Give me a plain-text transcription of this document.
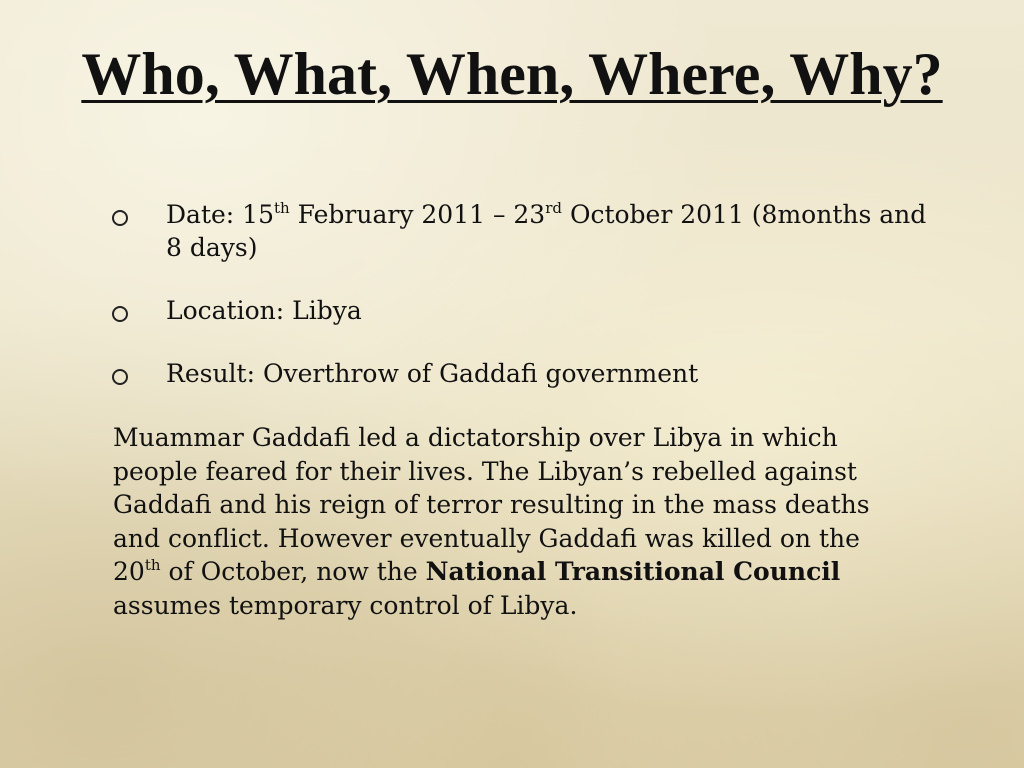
Who, What, When, Where, Why?
Date: 15th February 2011 – 23rd October 2011 (8months and 8 days)
Location: Libya
Result: Overthrow of Gaddafi government

Muammar Gaddafi led a dictatorship over Libya in which people feared for their lives. The Libyan’s rebelled against Gaddafi and his reign of terror resulting in the mass deaths and conflict. However eventually Gaddafi was killed on the 20th of October, now the National Transitional Council assumes temporary control of Libya.
